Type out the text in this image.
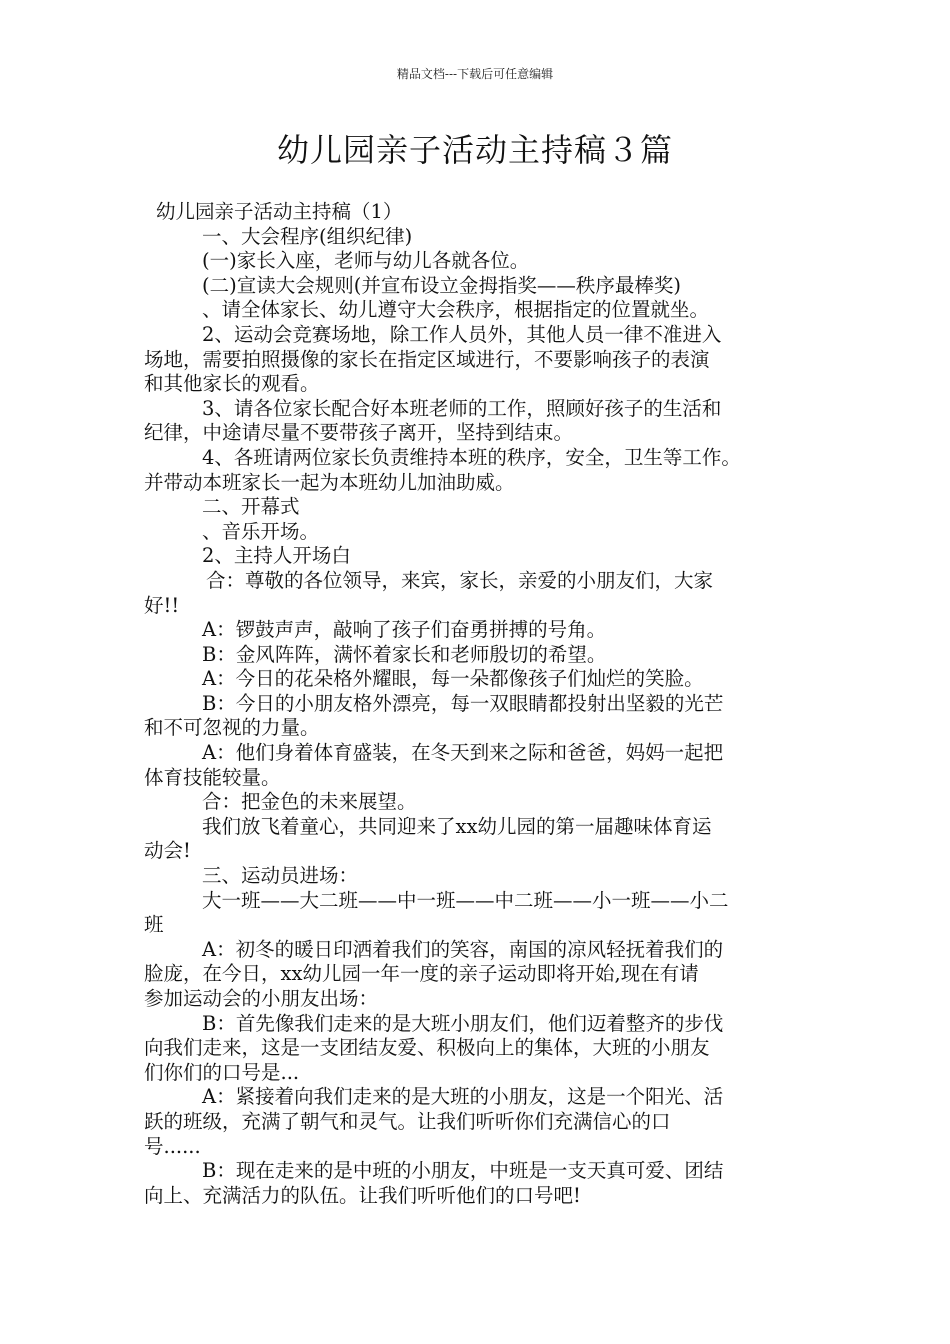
精品文档---下载后可任意编辑
幼儿园亲子活动主持稿３篇
幼儿园亲子活动主持稿（1）
一、大会程序(组织纪律)
(一)家长入座，老师与幼儿各就各位。
(二)宣读大会规则(并宣布设立金拇指奖——秩序最棒奖)
、请全体家长、幼儿遵守大会秩序，根据指定的位置就坐。
2、运动会竞赛场地，除工作人员外，其他人员一律不准进入
场地，需要拍照摄像的家长在指定区域进行，不要影响孩子的表演
和其他家长的观看。
3、请各位家长配合好本班老师的工作，照顾好孩子的生活和
纪律，中途请尽量不要带孩子离开，坚持到结束。
4、各班请两位家长负责维持本班的秩序，安全，卫生等工作。
并带动本班家长一起为本班幼儿加油助威。
二、开幕式
、音乐开场。
2、主持人开场白
合：尊敬的各位领导，来宾，家长，亲爱的小朋友们，大家
好!!
A：锣鼓声声，敲响了孩子们奋勇拼搏的号角。
B：金风阵阵，满怀着家长和老师殷切的希望。
A：今日的花朵格外耀眼，每一朵都像孩子们灿烂的笑脸。
B：今日的小朋友格外漂亮，每一双眼睛都投射出坚毅的光芒
和不可忽视的力量。
A：他们身着体育盛装，在冬天到来之际和爸爸，妈妈一起把
体育技能较量。
合：把金色的未来展望。
我们放飞着童心，共同迎来了xx幼儿园的第一届趣味体育运
动会!
三、运动员进场：
大一班——大二班——中一班——中二班——小一班——小二
班
A：初冬的暖日印洒着我们的笑容，南国的凉风轻抚着我们的
脸庞，在今日，xx幼儿园一年一度的亲子运动即将开始,现在有请
参加运动会的小朋友出场：
B：首先像我们走来的是大班小朋友们，他们迈着整齐的步伐
向我们走来，这是一支团结友爱、积极向上的集体，大班的小朋友
们你们的口号是...
A：紧接着向我们走来的是大班的小朋友，这是一个阳光、活
跃的班级，充满了朝气和灵气。让我们听听你们充满信心的口
号......
B：现在走来的是中班的小朋友，中班是一支天真可爱、团结
向上、充满活力的队伍。让我们听听他们的口号吧!
